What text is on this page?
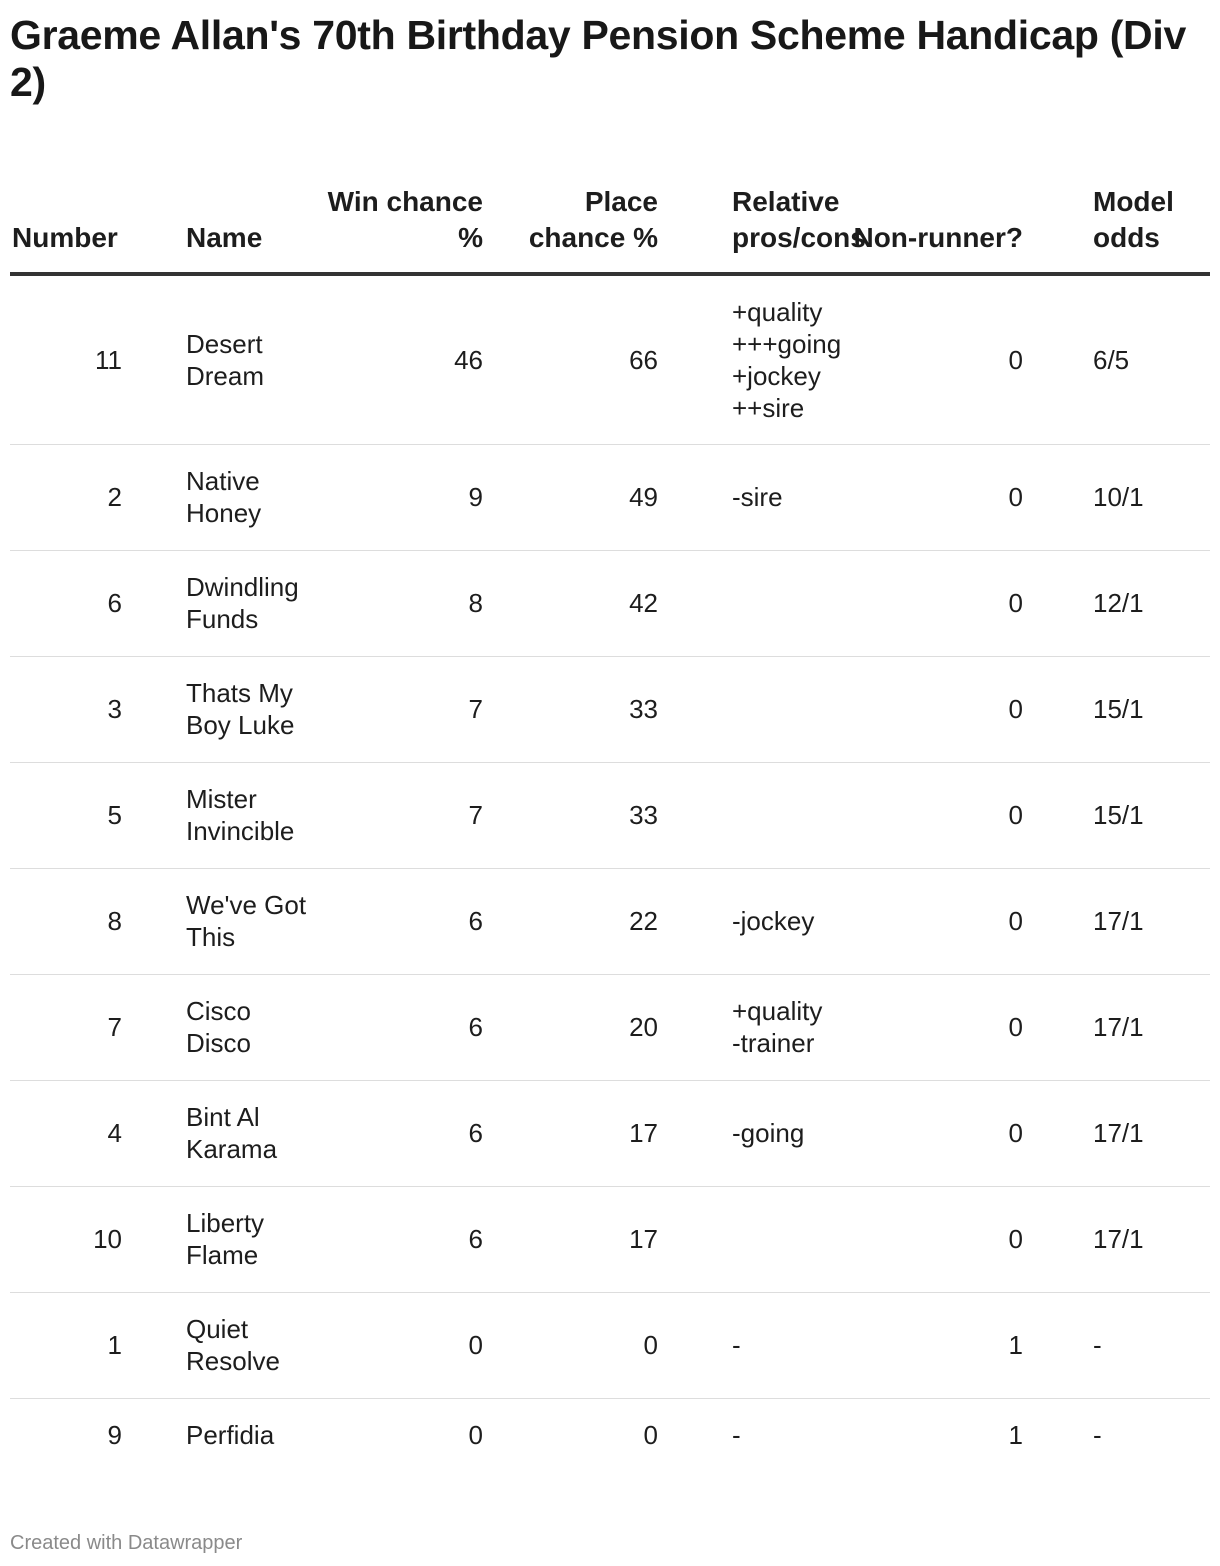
Graeme Allan's 70th Birthday Pension Scheme Handicap (Div 2)
Number	Name	Win chance %	Place chance %	Relative pros/cons	Non-runner?	Model odds
11	Desert Dream	46	66	+quality
+++going
+jockey
++sire	0	6/5
2	Native Honey	9	49	-sire	0	10/1
6	Dwindling Funds	8	42		0	12/1
3	Thats My Boy Luke	7	33		0	15/1
5	Mister Invincible	7	33		0	15/1
8	We've Got This	6	22	-jockey	0	17/1
7	Cisco Disco	6	20	+quality
-trainer	0	17/1
4	Bint Al Karama	6	17	-going	0	17/1
10	Liberty Flame	6	17		0	17/1
1	Quiet Resolve	0	0	-	1	-
9	Perfidia	0	0	-	1	-
Created with Datawrapper
